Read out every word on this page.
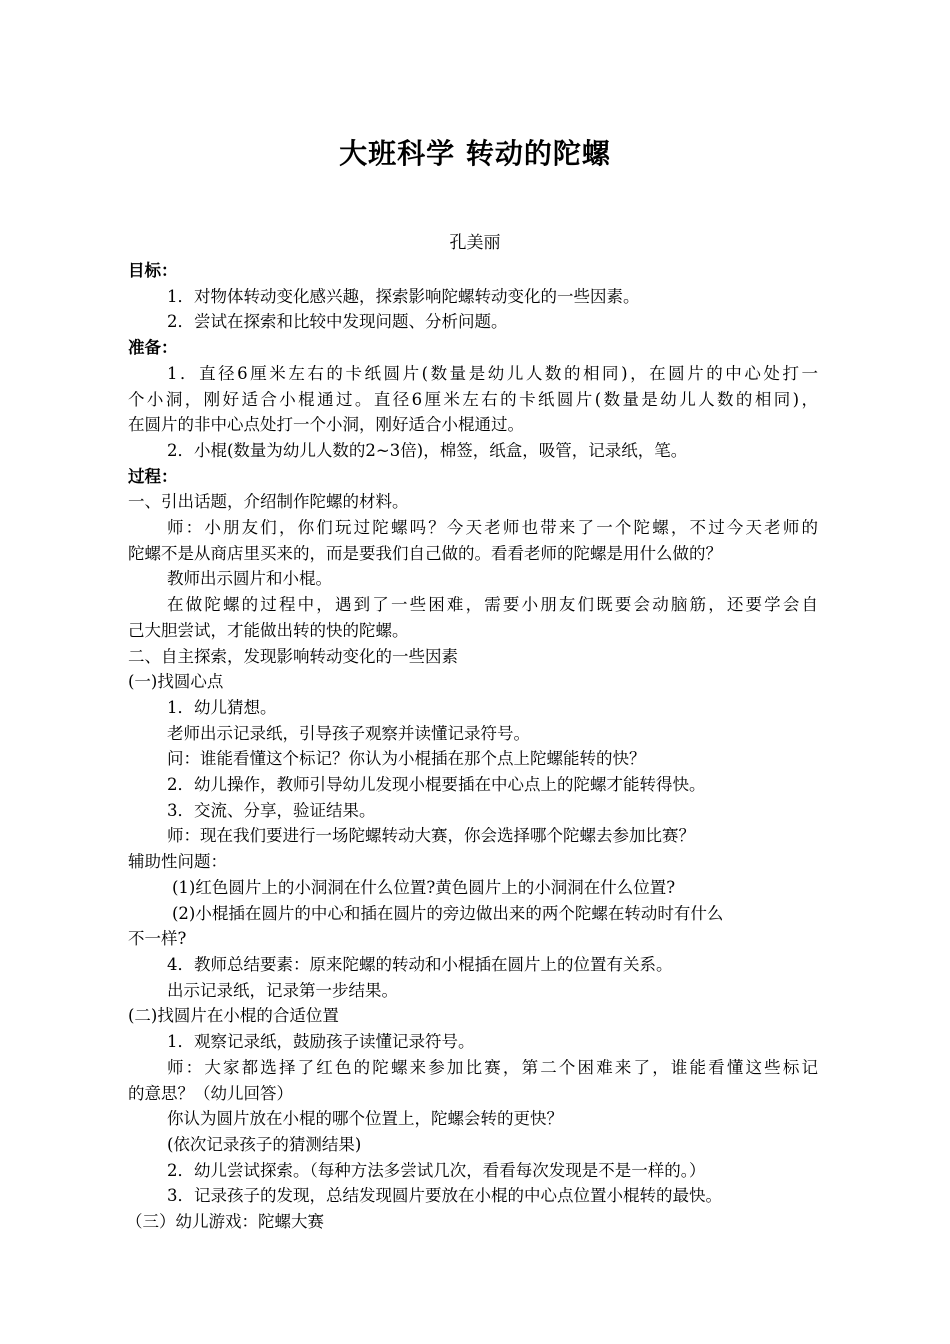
大班科学 转动的陀螺
孔美丽
目标：
1．对物体转动变化感兴趣，探索影响陀螺转动变化的一些因素。
2．尝试在探索和比较中发现问题、分析问题。
准备：
1．直径6厘米左右的卡纸圆片(数量是幼儿人数的相同)，在圆片的中心处打一
个小洞，刚好适合小棍通过。直径6厘米左右的卡纸圆片(数量是幼儿人数的相同)，
在圆片的非中心点处打一个小洞，刚好适合小棍通过。
2．小棍(数量为幼儿人数的2~3倍)，棉签，纸盒，吸管，记录纸，笔。
过程：
一、引出话题，介绍制作陀螺的材料。
师：小朋友们，你们玩过陀螺吗？今天老师也带来了一个陀螺，不过今天老师的
陀螺不是从商店里买来的，而是要我们自己做的。看看老师的陀螺是用什么做的？
教师出示圆片和小棍。
在做陀螺的过程中，遇到了一些困难，需要小朋友们既要会动脑筋，还要学会自
己大胆尝试，才能做出转的快的陀螺。
二、自主探索，发现影响转动变化的一些因素
(一)找圆心点
1．幼儿猜想。
老师出示记录纸，引导孩子观察并读懂记录符号。
问：谁能看懂这个标记？你认为小棍插在那个点上陀螺能转的快？
2．幼儿操作，教师引导幼儿发现小棍要插在中心点上的陀螺才能转得快。
3．交流、分享，验证结果。
师：现在我们要进行一场陀螺转动大赛，你会选择哪个陀螺去参加比赛？
辅助性问题：
(1)红色圆片上的小洞洞在什么位置?黄色圆片上的小洞洞在什么位置?
(2)小棍插在圆片的中心和插在圆片的旁边做出来的两个陀螺在转动时有什么
不一样?
4．教师总结要素：原来陀螺的转动和小棍插在圆片上的位置有关系。
出示记录纸，记录第一步结果。
(二)找圆片在小棍的合适位置
1．观察记录纸，鼓励孩子读懂记录符号。
师：大家都选择了红色的陀螺来参加比赛，第二个困难来了，谁能看懂这些标记
的意思？（幼儿回答）
你认为圆片放在小棍的哪个位置上，陀螺会转的更快？
(依次记录孩子的猜测结果)
2．幼儿尝试探索。（每种方法多尝试几次，看看每次发现是不是一样的。）
3．记录孩子的发现，总结发现圆片要放在小棍的中心点位置小棍转的最快。
（三）幼儿游戏：陀螺大赛
